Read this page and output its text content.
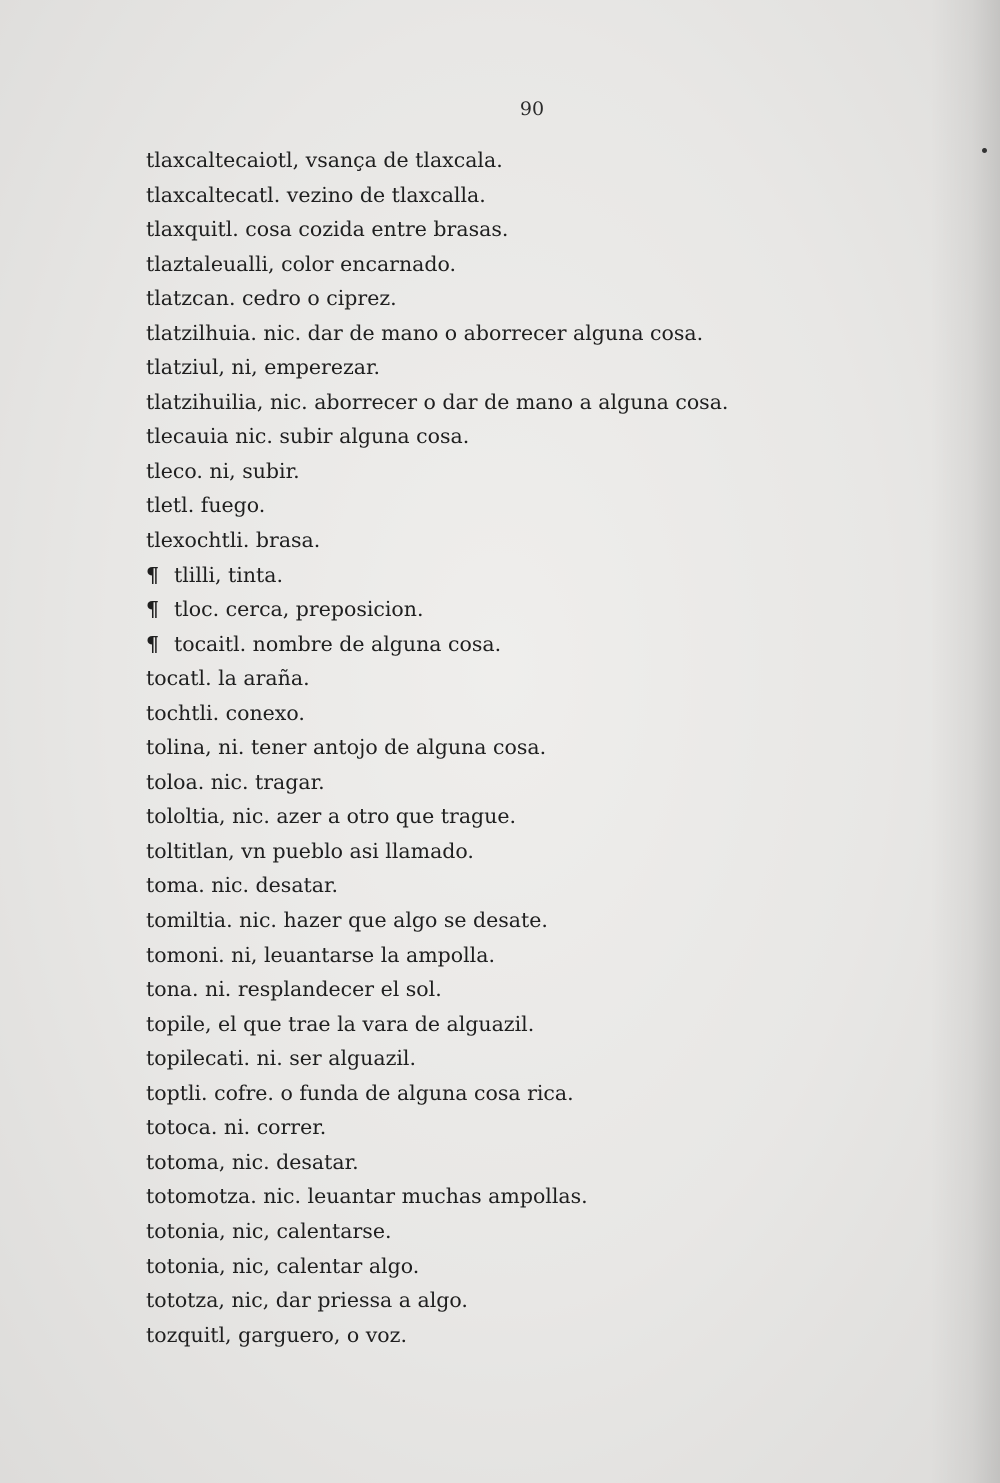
90
tlaxcaltecaiotl, vsança de tlaxcala.
tlaxcaltecatl. vezino de tlaxcalla.
tlaxquitl. cosa cozida entre brasas.
tlaztaleualli, color encarnado.
tlatzcan. cedro o ciprez.
tlatzilhuia. nic. dar de mano o aborrecer alguna cosa.
tlatziul, ni, emperezar.
tlatzihuilia, nic. aborrecer o dar de mano a alguna cosa.
tlecauia nic. subir alguna cosa.
tleco. ni, subir.
tletl. fuego.
tlexochtli. brasa.
¶ tlilli, tinta.
¶ tloc. cerca, preposicion.
¶ tocaitl. nombre de alguna cosa.
tocatl. la araña.
tochtli. conexo.
tolina, ni. tener antojo de alguna cosa.
toloa. nic. tragar.
tololtia, nic. azer a otro que trague.
toltitlan, vn pueblo asi llamado.
toma. nic. desatar.
tomiltia. nic. hazer que algo se desate.
tomoni. ni, leuantarse la ampolla.
tona. ni. resplandecer el sol.
topile, el que trae la vara de alguazil.
topilecati. ni. ser alguazil.
toptli. cofre. o funda de alguna cosa rica.
totoca. ni. correr.
totoma, nic. desatar.
totomotza. nic. leuantar muchas ampollas.
totonia, nic, calentarse.
totonia, nic, calentar algo.
tototza, nic, dar priessa a algo.
tozquitl, garguero, o voz.
